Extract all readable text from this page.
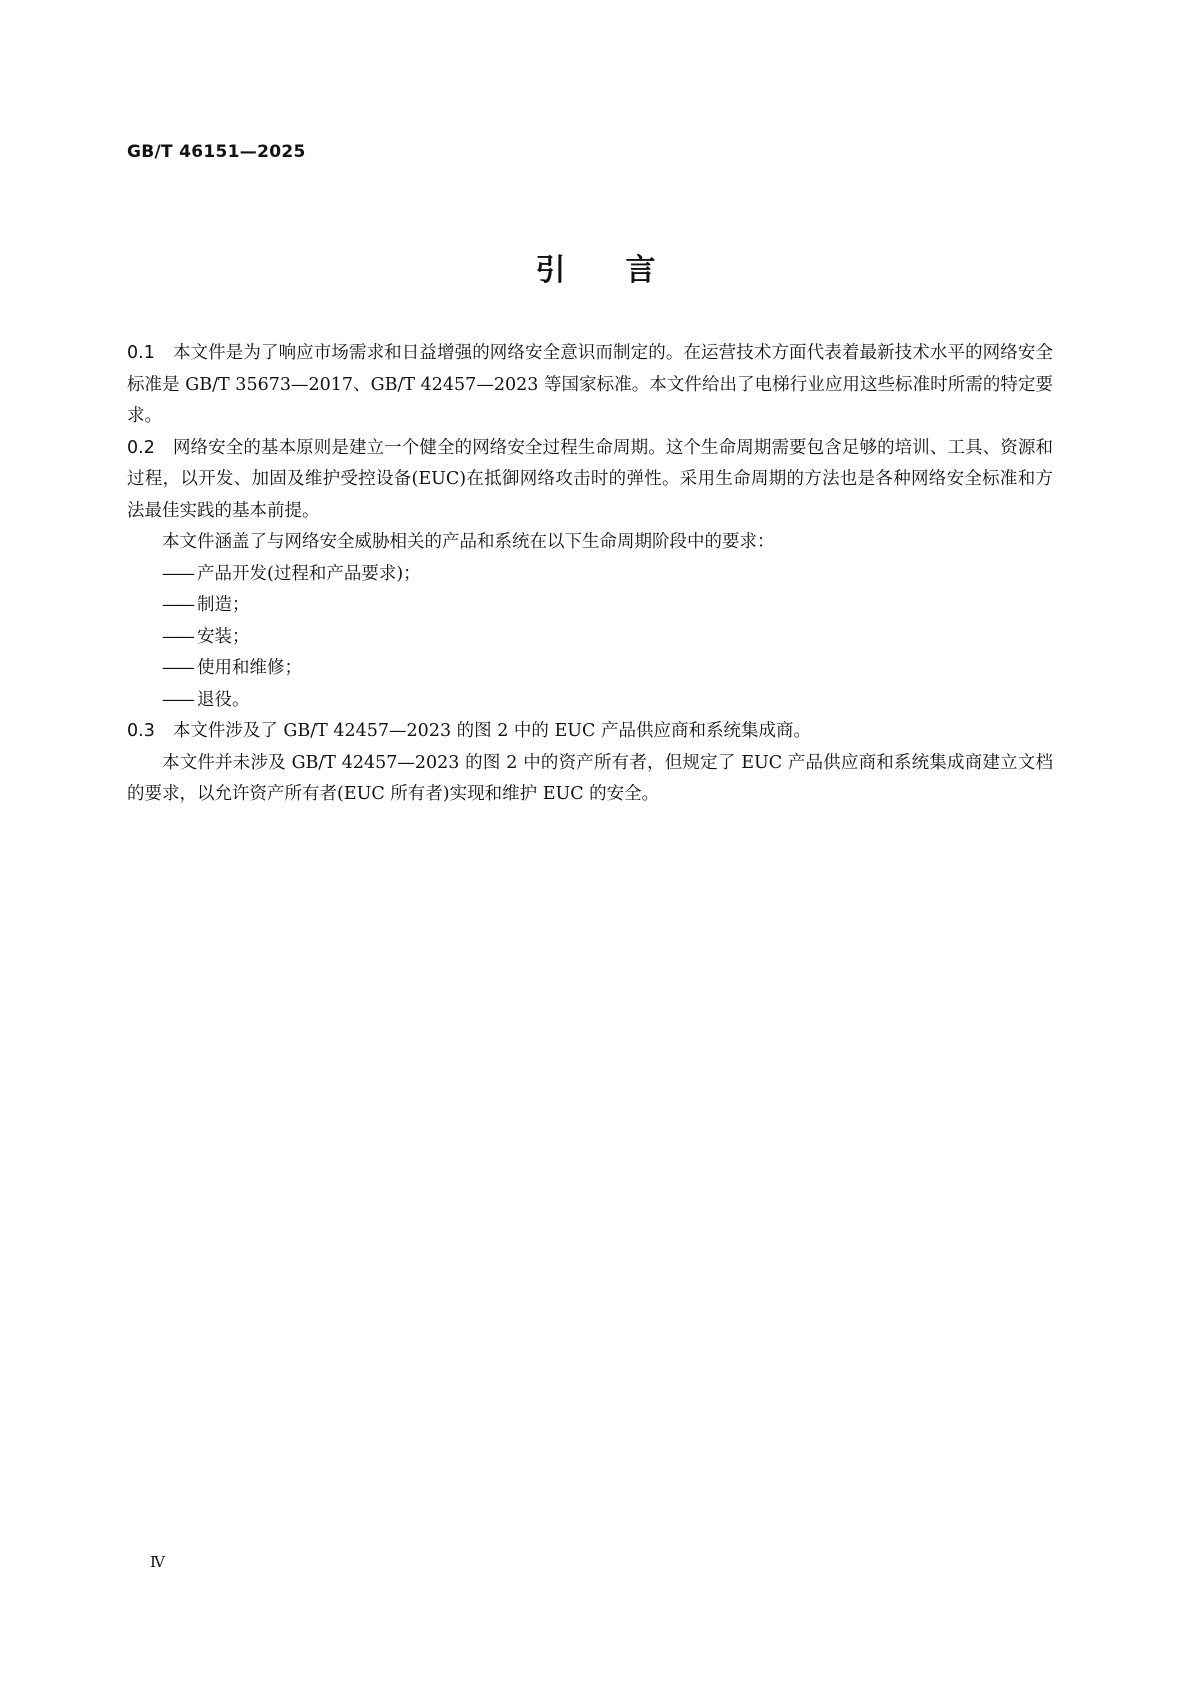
GB/T 46151—2025
引言

0.1 本文件是为了响应市场需求和日益增强的网络安全意识而制定的。在运营技术方面代表着最新技术水平的网络安全标准是 GB/T 35673—2017、GB/T 42457—2023 等国家标准。本文件给出了电梯行业应用这些标准时所需的特定要求。

0.2 网络安全的基本原则是建立一个健全的网络安全过程生命周期。这个生命周期需要包含足够的培训、工具、资源和过程，以开发、加固及维护受控设备(EUC)在抵御网络攻击时的弹性。采用生命周期的方法也是各种网络安全标准和方法最佳实践的基本前提。

本文件涵盖了与网络安全威胁相关的产品和系统在以下生命周期阶段中的要求：

—— 产品开发(过程和产品要求)；

—— 制造；

—— 安装；

—— 使用和维修；

—— 退役。

0.3 本文件涉及了 GB/T 42457—2023 的图 2 中的 EUC 产品供应商和系统集成商。

本文件并未涉及 GB/T 42457—2023 的图 2 中的资产所有者，但规定了 EUC 产品供应商和系统集成商建立文档的要求，以允许资产所有者(EUC 所有者)实现和维护 EUC 的安全。

Ⅳ
